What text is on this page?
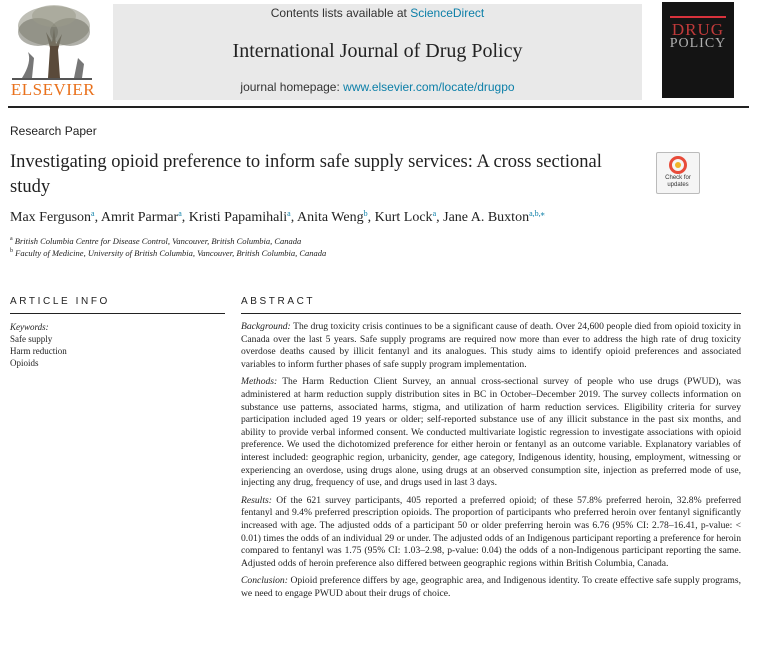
ELSEVIER
Contents lists available at ScienceDirect
International Journal of Drug Policy
journal homepage: www.elsevier.com/locate/drugpo
DRUG
POLICY
Research Paper
Investigating opioid preference to inform safe supply services: A cross sectional study	Check for updates
Max Ferguson$^a$, Amrit Parmar$^a$, Kristi Papamihali$^a$, Anita Weng$^b$, Kurt Lock$^a$, Jane A. Buxton$^{a,b,⁎}$
$^a$ British Columbia Centre for Disease Control, Vancouver, British Columbia, Canada
$^b$ Faculty of Medicine, University of British Columbia, Vancouver, British Columbia, Canada
ARTICLE INFO
Keywords:
Safe supply
Harm reduction
Opioids
ABSTRACT

Background: The drug toxicity crisis continues to be a significant cause of death. Over 24,600 people died from opioid toxicity in Canada over the last 5 years. Safe supply programs are required now more than ever to address the high rate of drug toxicity overdose deaths caused by illicit fentanyl and its analogues. This study aims to identify opioid preferences and associated variables to inform further phases of safe supply program implementation.

Methods: The Harm Reduction Client Survey, an annual cross-sectional survey of people who use drugs (PWUD), was administered at harm reduction supply distribution sites in BC in October–December 2019. The survey collects information on substance use patterns, associated harms, stigma, and utilization of harm reduction services. Eligibility criteria for survey participation included aged 19 years or older; self-reported substance use of any illicit substance in the past six months, and ability to provide verbal informed consent. We conducted multivariate logistic regression to investigate associations with opioid preference. We used the dichotomized preference for either heroin or fentanyl as an outcome variable. Explanatory variables of interest included: geographic region, urbanicity, gender, age category, Indigenous identity, housing, employment, witnessing or experiencing an overdose, using drugs alone, using drugs at an observed consumption site, injection as preferred mode of use, injecting any drug, frequency of use, and drugs used in last 3 days.

Results: Of the 621 survey participants, 405 reported a preferred opioid; of these 57.8% preferred heroin, 32.8% preferred fentanyl and 9.4% preferred prescription opioids. The proportion of participants who preferred heroin over fentanyl significantly increased with age. The adjusted odds of a participant 50 or older preferring heroin was 6.76 (95% CI: 2.78–16.41, p-value: < 0.01) times the odds of an individual 29 or under. The adjusted odds of an Indigenous participant reporting a preference for heroin compared to fentanyl was 1.75 (95% CI: 1.03–2.98, p-value: 0.04) the odds of a non-Indigenous participant reporting the same. Adjusted odds of heroin preference also differed between geographic regions within British Columbia, Canada.

Conclusion: Opioid preference differs by age, geographic area, and Indigenous identity. To create effective safe supply programs, we need to engage PWUD about their drugs of choice.
